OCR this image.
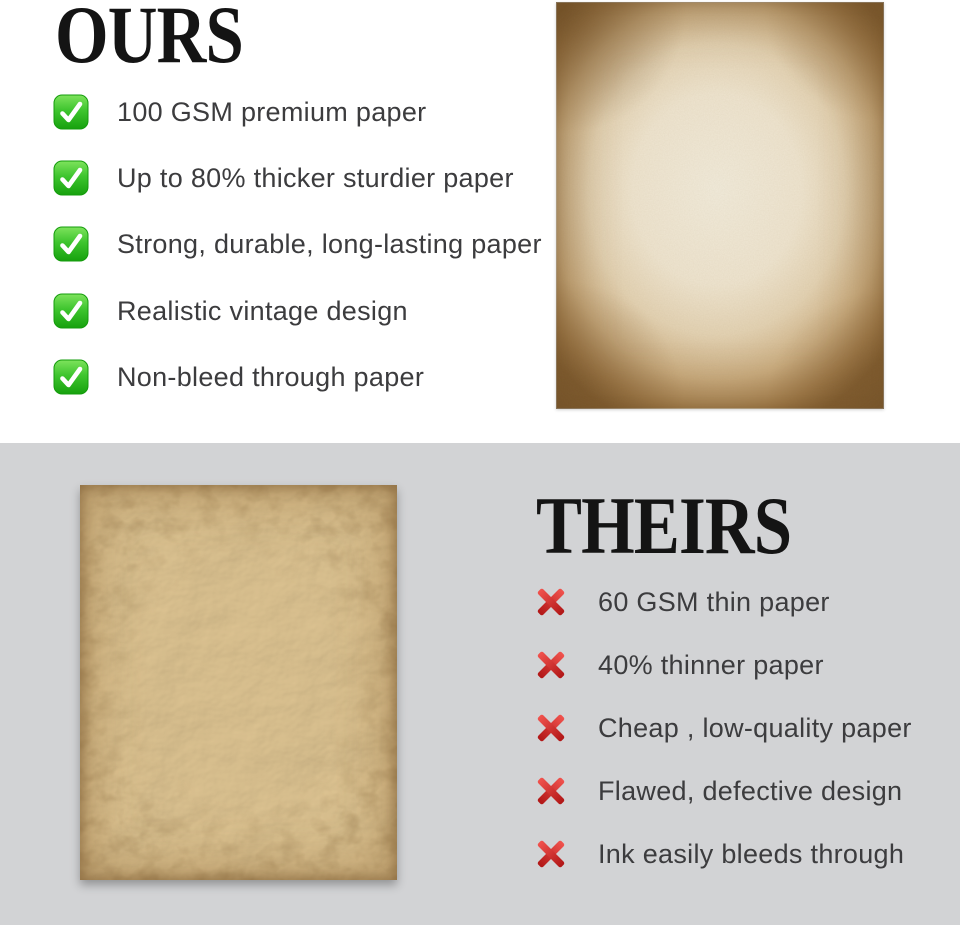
OURS
100 GSM premium paper
Up to 80% thicker sturdier paper
Strong, durable, long-lasting paper
Realistic vintage design
Non-bleed through paper
THEIRS
60 GSM thin paper
40% thinner paper
Cheap , low-quality paper
Flawed, defective design
Ink easily bleeds through
